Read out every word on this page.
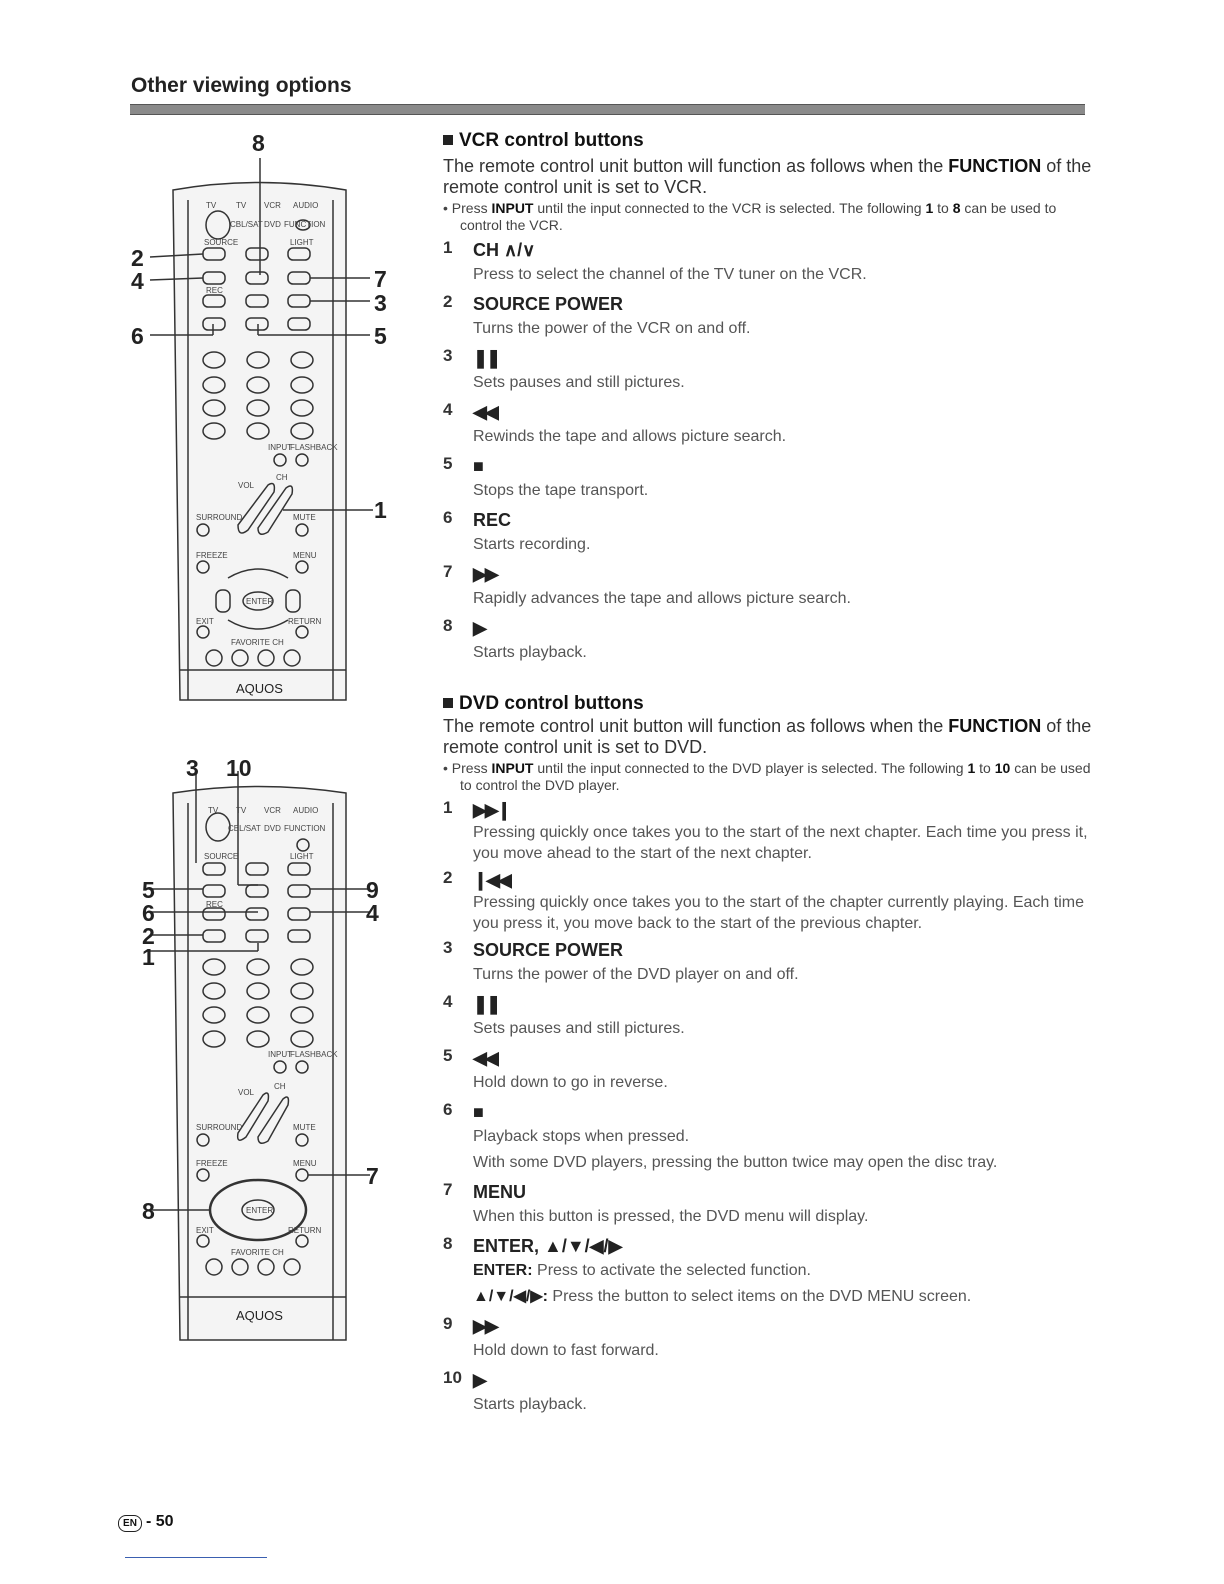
Other viewing options
TV TV VCR AUDIO
CBL/SAT DVD FUNCTION
SOURCE	LIGHT
REC
INPUT
FLASHBACK
VOL
CH
SURROUND	MUTE
FREEZE	MENU
ENTER
EXIT	RETURN
FAVORITE CH
AQUOS
8
2
4
6
7
3
5
1
TV TV VCR AUDIO
CBL/SAT DVD FUNCTION
SOURCE	LIGHT
REC
INPUT
FLASHBACK
VOL
CH
SURROUND	MUTE
FREEZE	MENU
ENTER
EXIT	RETURN
FAVORITE CH
AQUOS
3 10
5
6
2
1
8
9
4
7

VCR control buttons

The remote control unit button will function as follows when the FUNCTION of the remote control unit is set to VCR.

• Press INPUT until the input connected to the VCR is selected. The following 1 to 8 can be used to control the VCR.

1 CH ∧/∨
Press to select the channel of the TV tuner on the VCR.
2 SOURCE POWER
Turns the power of the VCR on and off.
3 ❚❚
Sets pauses and still pictures.
4 ◀◀
Rewinds the tape and allows picture search.
5 ■
Stops the tape transport.
6 REC
Starts recording.
7 ▶▶
Rapidly advances the tape and allows picture search.
8 ▶
Starts playback.

DVD control buttons

The remote control unit button will function as follows when the FUNCTION of the remote control unit is set to DVD.

• Press INPUT until the input connected to the DVD player is selected. The following 1 to 10 can be used to control the DVD player.

1 ▶▶❙
Pressing quickly once takes you to the start of the next chapter. Each time you press it, you move ahead to the start of the next chapter.
2 ❙◀◀
Pressing quickly once takes you to the start of the chapter currently playing. Each time you press it, you move back to the start of the previous chapter.
3 SOURCE POWER
Turns the power of the DVD player on and off.
4 ❚❚
Sets pauses and still pictures.
5 ◀◀
Hold down to go in reverse.
6 ■
Playback stops when pressed.
With some DVD players, pressing the button twice may open the disc tray.
7 MENU
When this button is pressed, the DVD menu will display.
8 ENTER, ▲/▼/◀/▶
ENTER: Press to activate the selected function.
▲/▼/◀/▶: Press the button to select items on the DVD MENU screen.
9 ▶▶
Hold down to fast forward.
10 ▶
Starts playback.
EN - 50
